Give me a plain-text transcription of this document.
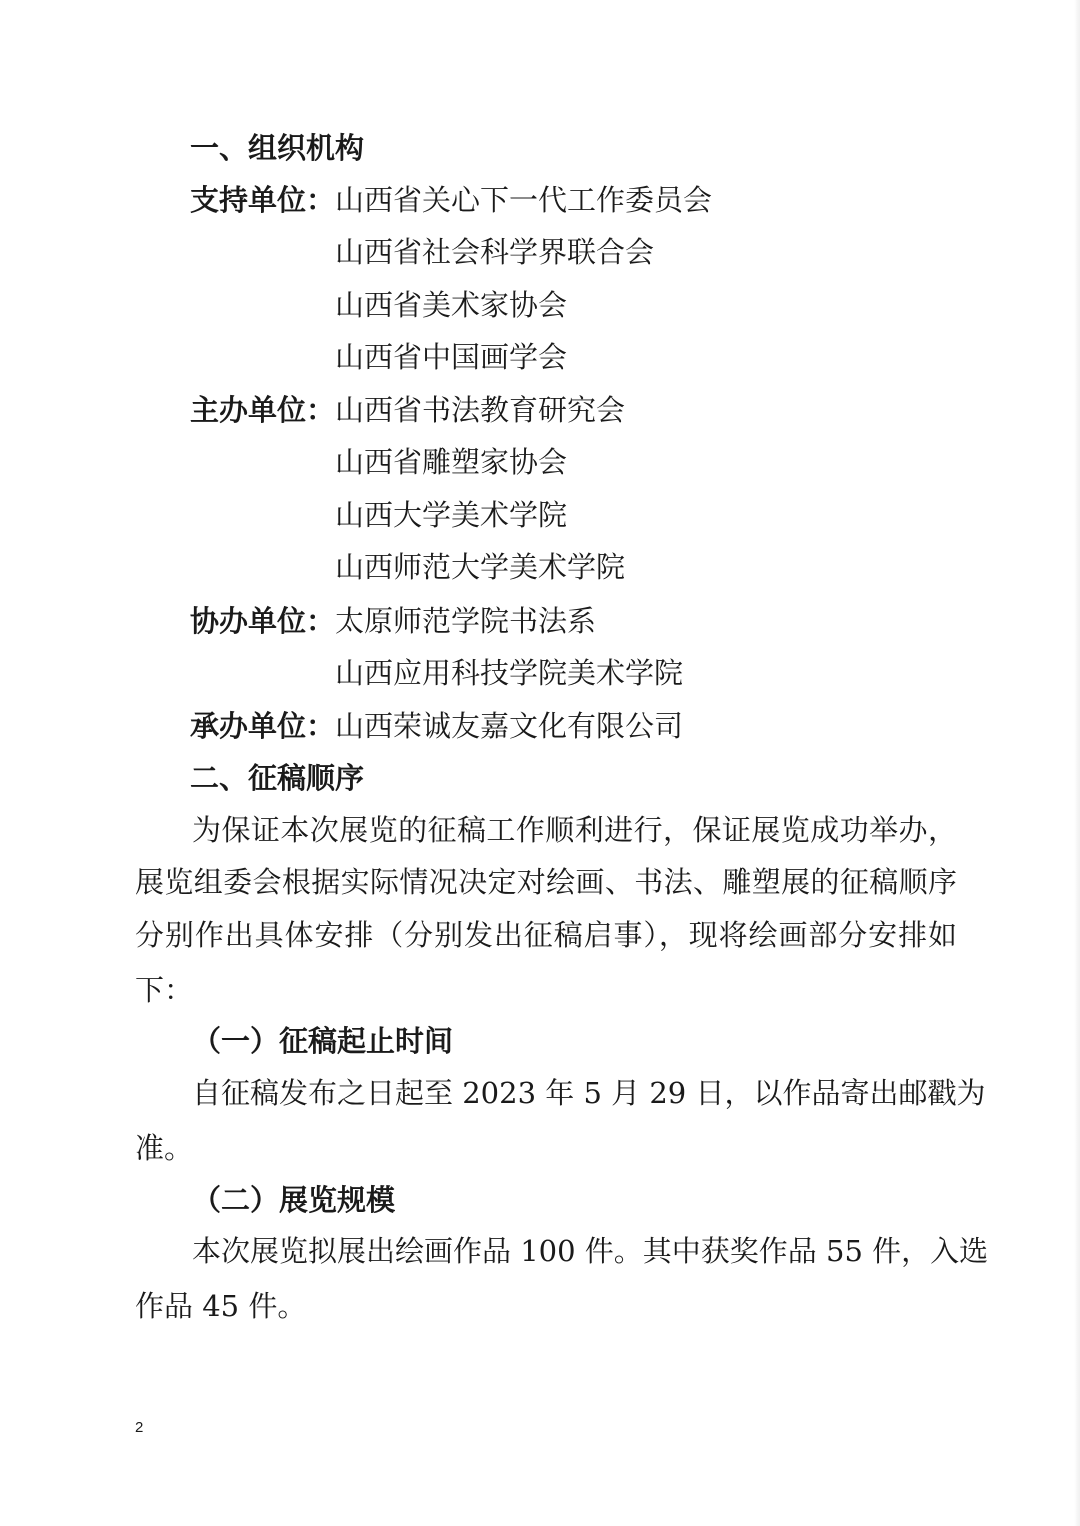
一、组织机构
支持单位： 山西省关心下一代工作委员会
山西省社会科学界联合会
山西省美术家协会
山西省中国画学会
主办单位： 山西省书法教育研究会
山西省雕塑家协会
山西大学美术学院
山西师范大学美术学院
协办单位： 太原师范学院书法系
山西应用科技学院美术学院
承办单位： 山西荣诚友嘉文化有限公司
二、征稿顺序
为保证本次展览的征稿工作顺利进行，保证展览成功举办，
展览组委会根据实际情况决定对绘画、书法、雕塑展的征稿顺序
分别作出具体安排（分别发出征稿启事），现将绘画部分安排如
下：
（一）征稿起止时间
自征稿发布之日起至 2023 年 5 月 29 日，以作品寄出邮戳为
准。
（二）展览规模
本次展览拟展出绘画作品 100 件。其中获奖作品 55 件，入选
作品 45 件。
2
